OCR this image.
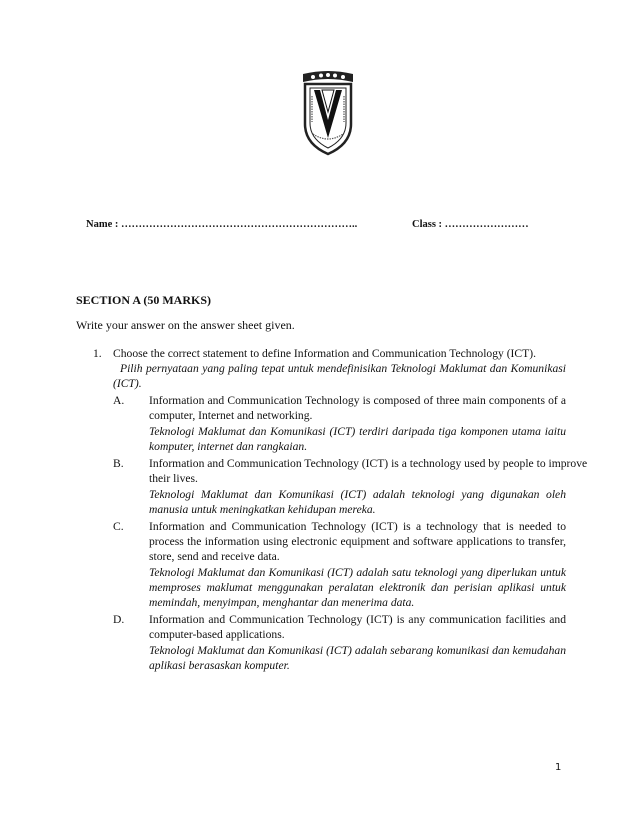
Name : …………………………………………………………..	Class : ……………………
SECTION A (50 MARKS)
Write your answer on the answer sheet given.
1. Choose the correct statement to define Information and Communication Technology (ICT).
Pilih pernyataan yang paling tepat untuk mendefinisikan Teknologi Maklumat dan Komunikasi (ICT).
A. Information and Communication Technology is composed of three main components of a computer, Internet and networking.
Teknologi Maklumat dan Komunikasi (ICT) terdiri daripada tiga komponen utama iaitu komputer, internet dan rangkaian.
B. Information and Communication Technology (ICT) is a technology used by people to improve
their lives.
Teknologi Maklumat dan Komunikasi (ICT) adalah teknologi yang digunakan oleh manusia untuk meningkatkan kehidupan mereka.
C. Information and Communication Technology (ICT) is a technology that is needed to process the information using electronic equipment and software applications to transfer, store, send and receive data.
Teknologi Maklumat dan Komunikasi (ICT) adalah satu teknologi yang diperlukan untuk memproses maklumat menggunakan peralatan elektronik dan perisian aplikasi untuk memindah, menyimpan, menghantar dan menerima data.
D. Information and Communication Technology (ICT) is any communication facilities and computer-based applications.
Teknologi Maklumat dan Komunikasi (ICT) adalah sebarang komunikasi dan kemudahan aplikasi berasaskan komputer.
1
